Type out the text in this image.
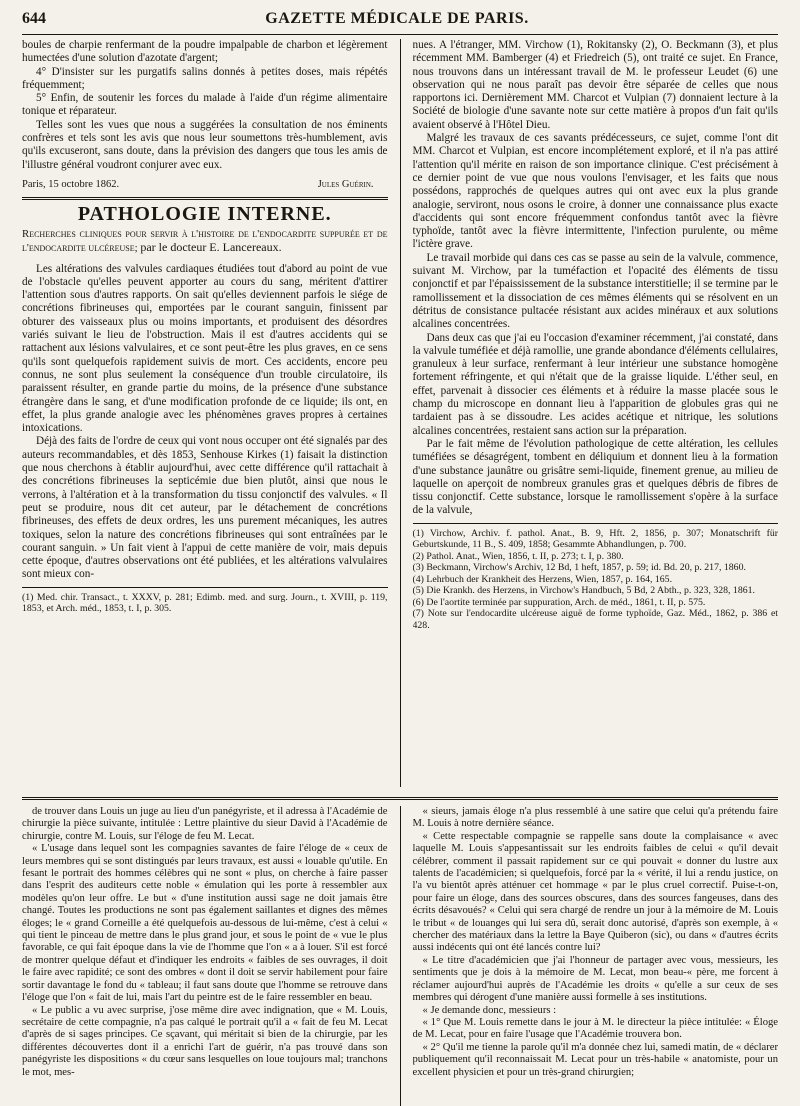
644	GAZETTE MÉDICALE DE PARIS.

boules de charpie renfermant de la poudre impalpable de charbon et légèrement humectées d'une solution d'azotate d'argent;

4° D'insister sur les purgatifs salins donnés à petites doses, mais répétés fréquemment;

5° Enfin, de soutenir les forces du malade à l'aide d'un régime alimentaire tonique et réparateur.

Telles sont les vues que nous a suggérées la consultation de nos éminents confrères et tels sont les avis que nous leur soumettons très-humblement, avis qu'ils excuseront, sans doute, dans la prévision des dangers que tous les amis de l'illustre général voudront conjurer avec eux.

Paris, 15 octobre 1862.	Jules Guérin.
PATHOLOGIE INTERNE.
Recherches cliniques pour servir à l'histoire de l'endocardite suppurée et de l'endocardite ulcéreuse; par le docteur E. Lancereaux.

Les altérations des valvules cardiaques étudiées tout d'abord au point de vue de l'obstacle qu'elles peuvent apporter au cours du sang, méritent d'attirer l'attention sous d'autres rapports. On sait qu'elles deviennent parfois le siége de concrétions fibrineuses qui, emportées par le courant sanguin, finissent par obturer des vaisseaux plus ou moins importants, et produisent des désordres variés suivant le lieu de l'obstruction. Mais il est d'autres accidents qui se rattachent aux lésions valvulaires, et ce sont peut-être les plus graves, en ce sens qu'ils sont quelquefois rapidement suivis de mort. Ces accidents, encore peu connus, ne sont plus seulement la conséquence d'un trouble circulatoire, ils paraissent résulter, en grande partie du moins, de la présence d'une substance étrangère dans le sang, et d'une modification profonde de ce liquide; ils ont, en effet, la plus grande analogie avec les phénomènes graves propres à certaines intoxications.

Déjà des faits de l'ordre de ceux qui vont nous occuper ont été signalés par des auteurs recommandables, et dès 1853, Senhouse Kirkes (1) faisait la distinction que nous cherchons à établir aujourd'hui, avec cette différence qu'il rattachait à des concrétions fibrineuses la septicémie due bien plutôt, ainsi que nous le verrons, à l'altération et à la transformation du tissu conjonctif des valvules. « Il peut se produire, nous dit cet auteur, par le détachement de concrétions fibrineuses, des effets de deux ordres, les uns purement mécaniques, les autres toxiques, selon la nature des concrétions fibrineuses qui sont entraînées par le courant sanguin. » Un fait vient à l'appui de cette manière de voir, mais depuis cette époque, d'autres observations ont été publiées, et les altérations valvulaires sont mieux con-

(1) Med. chir. Transact., t. XXXV, p. 281; Edimb. med. and surg. Journ., t. XVIII, p. 119, 1853, et Arch. méd., 1853, t. I, p. 305.

nues. A l'étranger, MM. Virchow (1), Rokitansky (2), O. Beckmann (3), et plus récemment MM. Bamberger (4) et Friedreich (5), ont traité ce sujet. En France, nous trouvons dans un intéressant travail de M. le professeur Leudet (6) une observation qui ne nous paraît pas devoir être séparée de celles que nous rapportons ici. Dernièrement MM. Charcot et Vulpian (7) donnaient lecture à la Société de biologie d'une savante note sur cette matière à propos d'un fait qu'ils avaient observé à l'Hôtel Dieu.

Malgré les travaux de ces savants prédécesseurs, ce sujet, comme l'ont dit MM. Charcot et Vulpian, est encore incomplétement exploré, et il n'a pas attiré l'attention qu'il mérite en raison de son importance clinique. C'est précisément à ce dernier point de vue que nous voulons l'envisager, et les faits que nous possédons, rapprochés de quelques autres qui ont avec eux la plus grande analogie, serviront, nous osons le croire, à donner une connaissance plus exacte d'accidents qui sont encore fréquemment confondus tantôt avec la fièvre typhoïde, tantôt avec la fièvre intermittente, l'infection purulente, ou même l'ictère grave.

Le travail morbide qui dans ces cas se passe au sein de la valvule, commence, suivant M. Virchow, par la tuméfaction et l'opacité des éléments de tissu conjonctif et par l'épaississement de la substance interstitielle; il se termine par le ramollissement et la dissociation de ces mêmes éléments qui se résolvent en un détritus de consistance pultacée résistant aux acides minéraux et aux solutions alcalines concentrées.

Dans deux cas que j'ai eu l'occasion d'examiner récemment, j'ai constaté, dans la valvule tuméfiée et déjà ramollie, une grande abondance d'éléments cellulaires, granuleux à leur surface, renfermant à leur intérieur une substance homogène fortement réfringente, et qui n'était que de la graisse liquide. L'éther seul, en effet, parvenait à dissocier ces éléments et à réduire la masse placée sous le champ du microscope en donnant lieu à l'apparition de globules gras qui ne tardaient pas à se dissoudre. Les acides acétique et nitrique, les solutions alcalines concentrées, restaient sans action sur la préparation.

Par le fait même de l'évolution pathologique de cette altération, les cellules tuméfiées se désagrégent, tombent en déliquium et donnent lieu à la formation d'une substance jaunâtre ou grisâtre semi-liquide, finement grenue, au milieu de laquelle on aperçoit de nombreux granules gras et quelques débris de fibres de tissu conjonctif. Cette substance, lorsque le ramollissement s'opère à la surface de la valvule,

(1) Virchow, Archiv. f. pathol. Anat., B. 9, Hft. 2, 1856, p. 307; Monatschrift für Geburtskunde, 11 B., S. 409, 1858; Gesammte Abhandlungen, p. 700.

(2) Pathol. Anat., Wien, 1856, t. II, p. 273; t. I, p. 380.

(3) Beckmann, Virchow's Archiv, 12 Bd, 1 heft, 1857, p. 59; id. Bd. 20, p. 217, 1860.

(4) Lehrbuch der Krankheit des Herzens, Wien, 1857, p. 164, 165.

(5) Die Krankh. des Herzens, in Virchow's Handbuch, 5 Bd, 2 Abth., p. 323, 328, 1861.

(6) De l'aortite terminée par suppuration, Arch. de méd., 1861, t. II, p. 575.

(7) Note sur l'endocardite ulcéreuse aiguë de forme typhoïde, Gaz. Méd., 1862, p. 386 et 428.

de trouver dans Louis un juge au lieu d'un panégyriste, et il adressa à l'Académie de chirurgie la pièce suivante, intitulée : Lettre plaintive du sieur David à l'Académie de chirurgie, contre M. Louis, sur l'éloge de feu M. Lecat.

« L'usage dans lequel sont les compagnies savantes de faire l'éloge de « ceux de leurs membres qui se sont distingués par leurs travaux, est aussi « louable qu'utile. En fesant le portrait des hommes célèbres qui ne sont « plus, on cherche à faire passer dans l'esprit des auditeurs cette noble « émulation qui les porte à ressembler aux modèles qu'on leur offre. Le but « d'une institution aussi sage ne doit jamais être changé. Toutes les productions ne sont pas également saillantes et dignes des mêmes éloges; le « grand Corneille a été quelquefois au-dessous de lui-même, c'est à celui « qui tient le pinceau de mettre dans le plus grand jour, et sous le point de « vue le plus favorable, ce qui fait époque dans la vie de l'homme que l'on « a à louer. S'il est forcé de montrer quelque défaut et d'indiquer les endroits « faibles de ses ouvrages, il doit le faire avec rapidité; ce sont des ombres « dont il doit se servir habilement pour faire sortir davantage le fond du « tableau; il faut sans doute que l'homme se retrouve dans l'éloge que l'on « fait de lui, mais l'art du peintre est de le faire ressembler en beau.

« Le public a vu avec surprise, j'ose même dire avec indignation, que « M. Louis, secrétaire de cette compagnie, n'a pas calqué le portrait qu'il a « fait de feu M. Lecat d'après de si sages principes. Ce sçavant, qui méritait si bien de la chirurgie, par les différentes découvertes dont il a enrichi l'art de guérir, n'a pas trouvé dans son panégyriste les dispositions « du cœur sans lesquelles on loue toujours mal; tranchons le mot, mes-

« sieurs, jamais éloge n'a plus ressemblé à une satire que celui qu'a prétendu faire M. Louis à notre dernière séance.

« Cette respectable compagnie se rappelle sans doute la complaisance « avec laquelle M. Louis s'appesantissait sur les endroits faibles de celui « qu'il devait célébrer, comment il passait rapidement sur ce qui pouvait « donner du lustre aux talents de l'académicien; si quelquefois, forcé par la « vérité, il lui a rendu justice, on l'a vu bientôt après atténuer cet hommage « par le plus cruel correctif. Puise-t-on, pour faire un éloge, dans des sources obscures, dans des sources fangeuses, dans des écrits désavoués? « Celui qui sera chargé de rendre un jour à la mémoire de M. Louis le tribut « de louanges qui lui sera dû, serait donc autorisé, d'après son exemple, à « chercher des matériaux dans la lettre la Baye Quiberon (sic), ou dans « d'autres écrits aussi indécents qui ont été lancés contre lui?

« Le titre d'académicien que j'ai l'honneur de partager avec vous, messieurs, les sentiments que je dois à la mémoire de M. Lecat, mon beau-« père, me forcent à réclamer aujourd'hui auprès de l'Académie les droits « qu'elle a sur ceux de ses membres qui dérogent d'une manière aussi formelle à ses institutions.

« Je demande donc, messieurs :

« 1° Que M. Louis remette dans le jour à M. le directeur la pièce intitulée: « Éloge de M. Lecat, pour en faire l'usage que l'Académie trouvera bon.

« 2° Qu'il me tienne la parole qu'il m'a donnée chez lui, samedi matin, de « déclarer publiquement qu'il reconnaissait M. Lecat pour un très-habile « anatomiste, pour un excellent physicien et pour un très-grand chirurgien;
